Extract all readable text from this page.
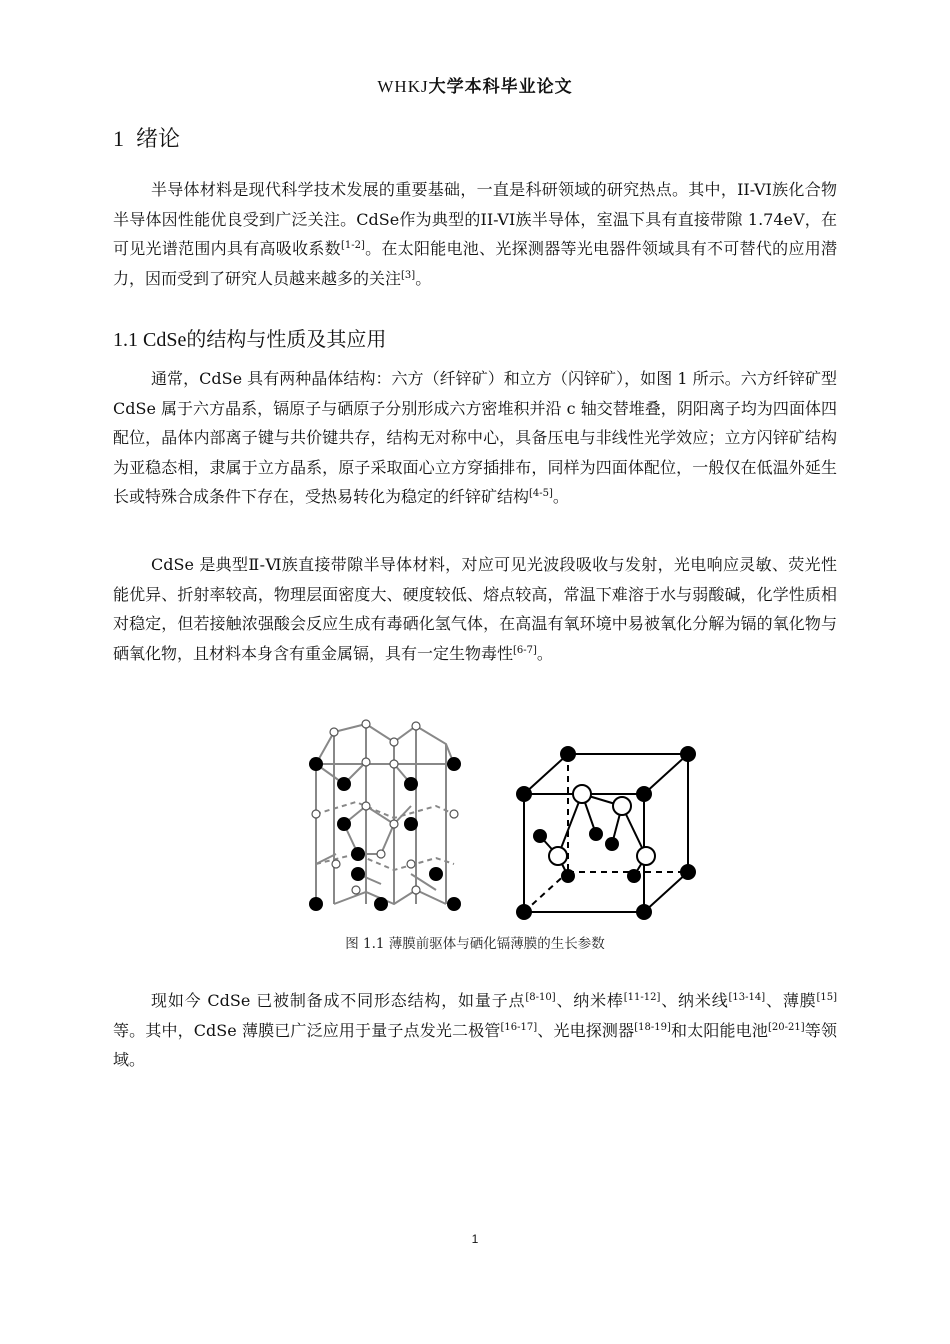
WHKJ大学本科毕业论文
1 绪论

半导体材料是现代科学技术发展的重要基础，一直是科研领域的研究热点。其中，II-VI族化合物半导体因性能优良受到广泛关注。CdSe作为典型的II-VI族半导体，室温下具有直接带隙 1.74eV，在可见光谱范围内具有高吸收系数[1-2]。在太阳能电池、光探测器等光电器件领域具有不可替代的应用潜力，因而受到了研究人员越来越多的关注[3]。

1.1 CdSe的结构与性质及其应用

通常，CdSe 具有两种晶体结构：六方（纤锌矿）和立方（闪锌矿），如图 1 所示。六方纤锌矿型 CdSe 属于六方晶系，镉原子与硒原子分别形成六方密堆积并沿 c 轴交替堆叠，阴阳离子均为四面体四配位，晶体内部离子键与共价键共存，结构无对称中心，具备压电与非线性光学效应；立方闪锌矿结构为亚稳态相，隶属于立方晶系，原子采取面心立方穿插排布，同样为四面体配位，一般仅在低温外延生长或特殊合成条件下存在，受热易转化为稳定的纤锌矿结构[4-5]。

CdSe 是典型Ⅱ-Ⅵ族直接带隙半导体材料，对应可见光波段吸收与发射，光电响应灵敏、荧光性能优异、折射率较高，物理层面密度大、硬度较低、熔点较高，常温下难溶于水与弱酸碱，化学性质相对稳定，但若接触浓强酸会反应生成有毒硒化氢气体，在高温有氧环境中易被氧化分解为镉的氧化物与硒氧化物，且材料本身含有重金属镉，具有一定生物毒性[6-7]。

图 1.1 薄膜前驱体与硒化镉薄膜的生长参数

现如今 CdSe 已被制备成不同形态结构，如量子点[8-10]、纳米棒[11-12]、纳米线[13-14]、薄膜[15]等。其中，CdSe 薄膜已广泛应用于量子点发光二极管[16-17]、光电探测器[18-19]和太阳能电池[20-21]等领域。

1
